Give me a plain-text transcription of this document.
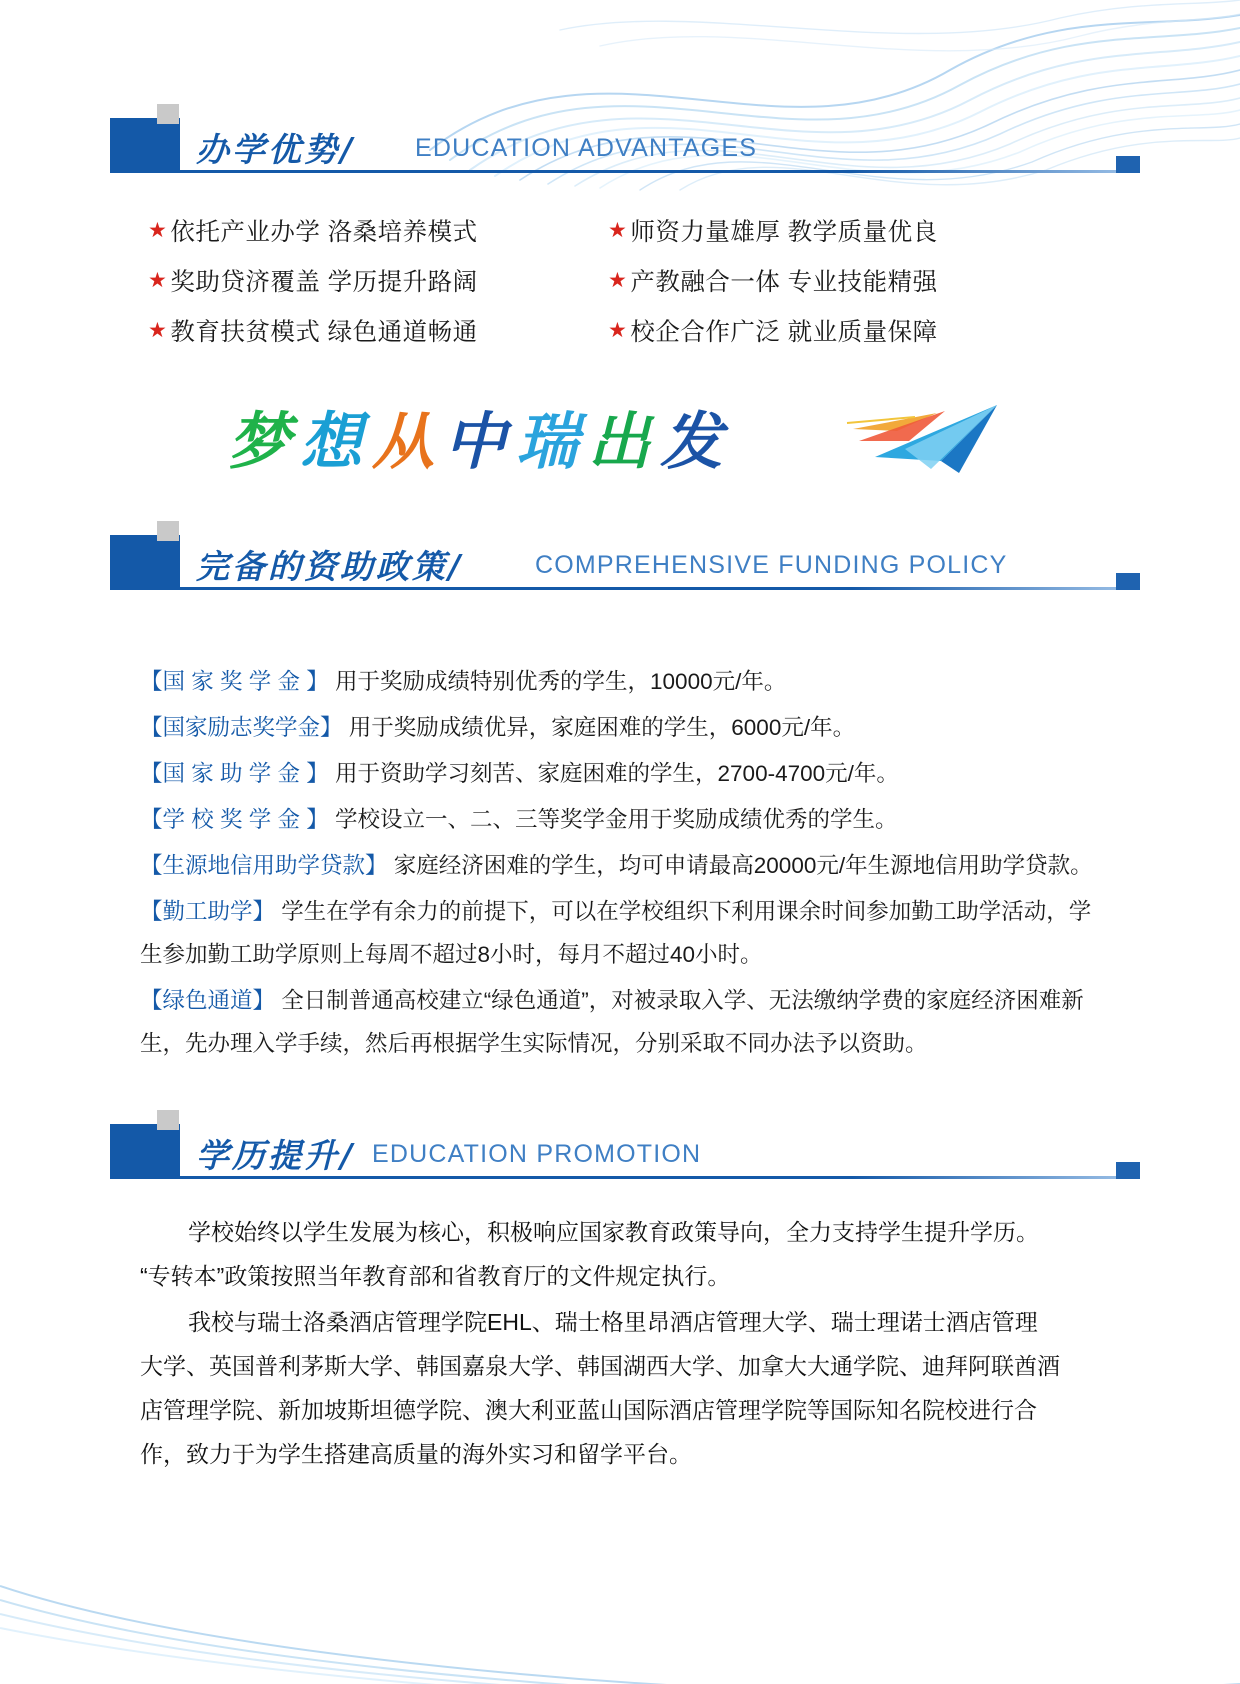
办学优势/ EDUCATION ADVANTAGES
★ 依托产业办学 洛桑培养模式	★ 师资力量雄厚 教学质量优良
★ 奖助贷济覆盖 学历提升路阔	★ 产教融合一体 专业技能精强
★ 教育扶贫模式 绿色通道畅通	★ 校企合作广泛 就业质量保障
梦想从中瑞出发
完备的资助政策/	COMPREHENSIVE FUNDING POLICY
【国 家 奖 学 金 】 用于奖励成绩特别优秀的学生，10000元/年。
【国家励志奖学金】 用于奖励成绩优异，家庭困难的学生，6000元/年。
【国 家 助 学 金 】 用于资助学习刻苦、家庭困难的学生，2700-4700元/年。
【学 校 奖 学 金 】 学校设立一、二、三等奖学金用于奖励成绩优秀的学生。
【生源地信用助学贷款】 家庭经济困难的学生，均可申请最高20000元/年生源地信用助学贷款。
【勤工助学】 学生在学有余力的前提下，可以在学校组织下利用课余时间参加勤工助学活动，学生参加勤工助学原则上每周不超过8小时，每月不超过40小时。
【绿色通道】 全日制普通高校建立“绿色通道”，对被录取入学、无法缴纳学费的家庭经济困难新生，先办理入学手续，然后再根据学生实际情况，分别采取不同办法予以资助。
学历提升/ EDUCATION PROMOTION

学校始终以学生发展为核心，积极响应国家教育政策导向，全力支持学生提升学历。“专转本”政策按照当年教育部和省教育厅的文件规定执行。

我校与瑞士洛桑酒店管理学院EHL、瑞士格里昂酒店管理大学、瑞士理诺士酒店管理大学、英国普利茅斯大学、韩国嘉泉大学、韩国湖西大学、加拿大大通学院、迪拜阿联酋酒店管理学院、新加坡斯坦德学院、澳大利亚蓝山国际酒店管理学院等国际知名院校进行合作，致力于为学生搭建高质量的海外实习和留学平台。
